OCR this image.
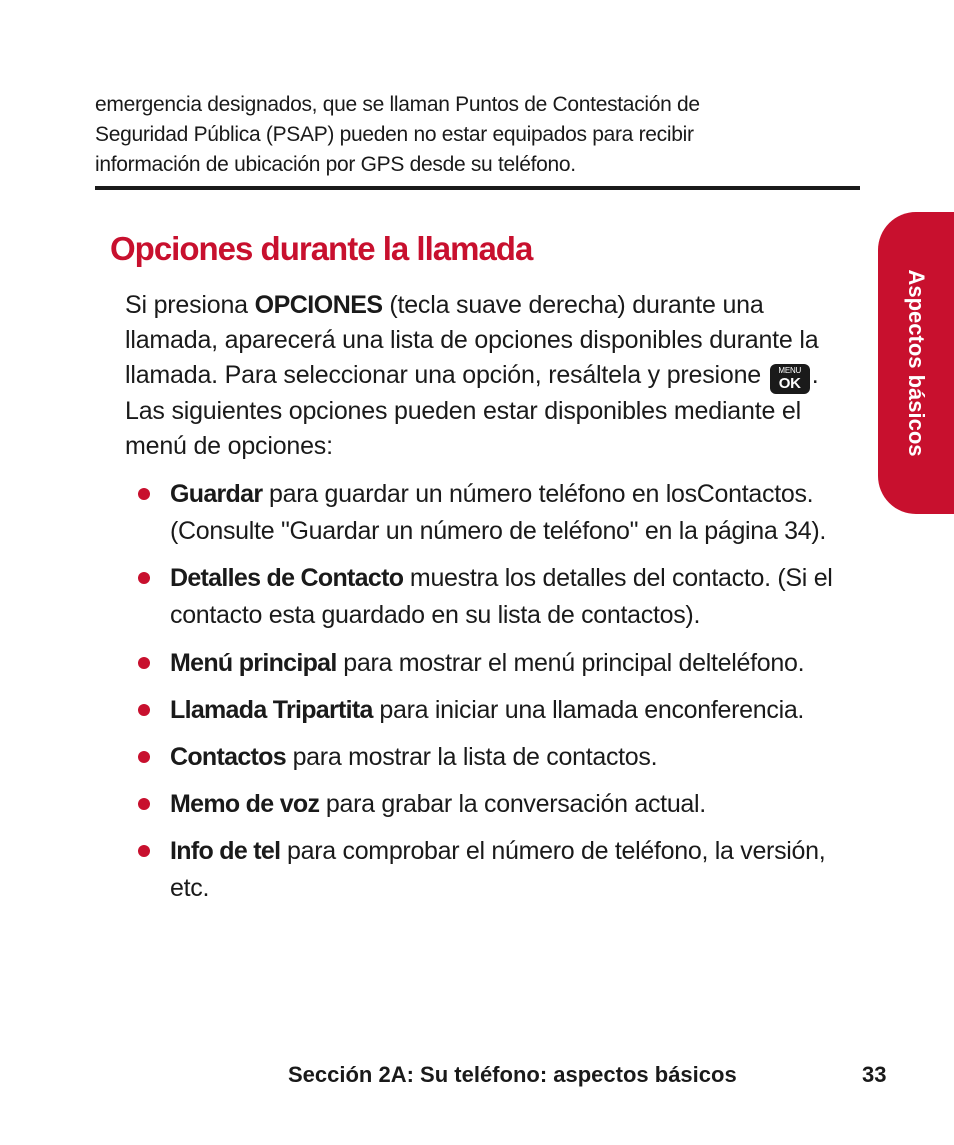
emergencia designados, que se llaman Puntos de Contestación de Seguridad Pública (PSAP) pueden no estar equipados para recibir información de ubicación por GPS desde su teléfono.
Opciones durante la llamada
Si presiona OPCIONES (tecla suave derecha) durante una llamada, aparecerá una lista de opciones disponibles durante la llamada. Para seleccionar una opción, resáltela y presione	MENU
OK . Las siguientes opciones pueden estar disponibles mediante el menú de opciones:
Guardar para guardar un número teléfono en losContactos. (Consulte "Guardar un número de teléfono" en la página 34).
Detalles de Contacto muestra los detalles del contacto. (Si el contacto esta guardado en su lista de contactos).
Menú principal para mostrar el menú principal delteléfono.
Llamada Tripartita para iniciar una llamada enconferencia.
Contactos para mostrar la lista de contactos.
Memo de voz para grabar la conversación actual.
Info de tel para comprobar el número de teléfono, la versión, etc.
Aspectos básicos
Sección 2A: Su teléfono: aspectos básicos	33
